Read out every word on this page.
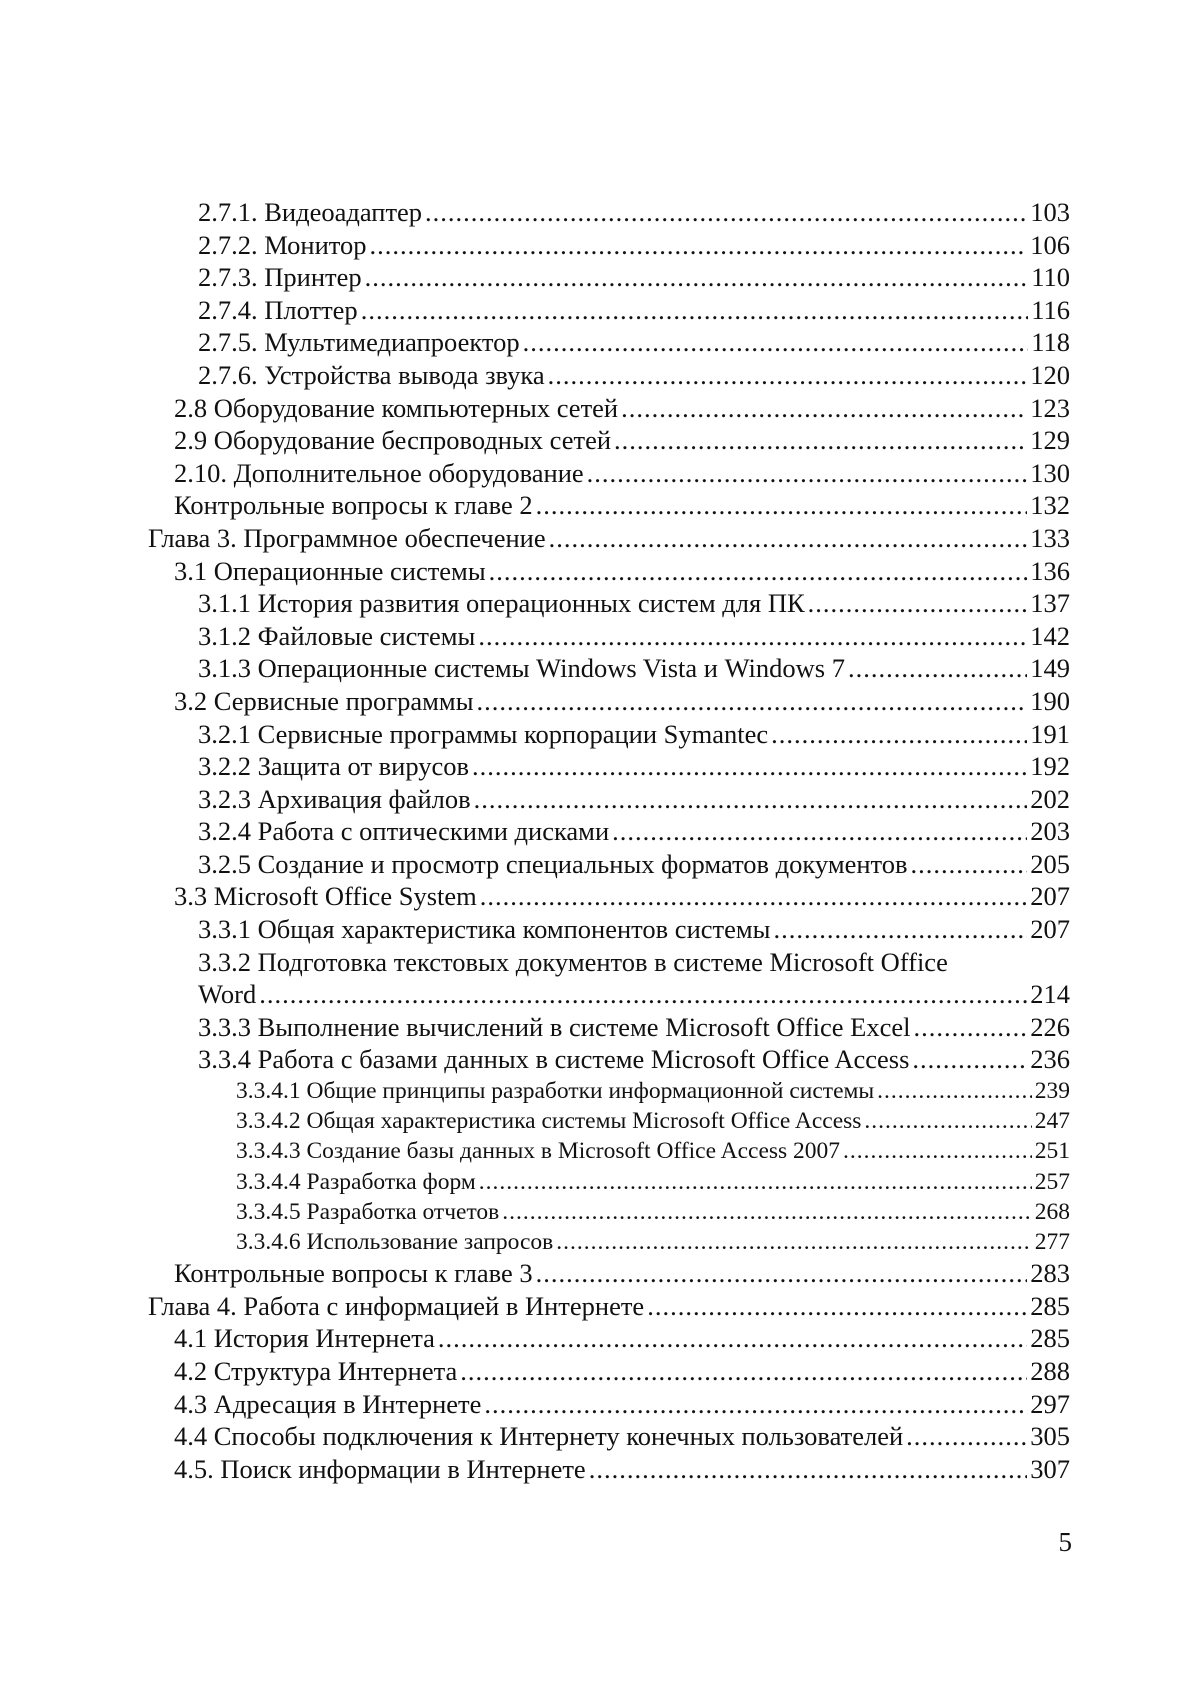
2.7.1. Видеоадаптер
.....	103
2.7.2. Монитор
.....	106
2.7.3. Принтер
.....	110
2.7.4. Плоттер
.....	116
2.7.5. Мультимедиапроектор
.....	118
2.7.6. Устройства вывода звука
.....	120
2.8 Оборудование компьютерных сетей
.....	123
2.9 Оборудование беспроводных сетей
.....	129
2.10. Дополнительное оборудование
.....	130
Контрольные вопросы к главе 2
.....	132
Глава 3. Программное обеспечение
.....	133
3.1 Операционные системы
.....	136
3.1.1 История развития операционных систем для ПК
.....	137
3.1.2 Файловые системы
.....	142
3.1.3 Операционные системы Windows Vista и Windows 7
.....	149
3.2 Сервисные программы
.....	190
3.2.1 Сервисные программы корпорации Symantec
.....	191
3.2.2 Защита от вирусов
.....	192
3.2.3 Архивация файлов
.....	202
3.2.4 Работа с оптическими дисками
.....	203
3.2.5 Создание и просмотр специальных форматов документов
.....	205
3.3 Microsoft Office System
.....	207
3.3.1 Общая характеристика компонентов системы
.....	207
3.3.2 Подготовка текстовых документов в системе Microsoft Office
Word
.....	214
3.3.3 Выполнение вычислений в системе Microsoft Office Excel
.....	226
3.3.4 Работа с базами данных в системе Microsoft Office Access
.....	236
3.3.4.1 Общие принципы разработки информационной системы
.....	239
3.3.4.2 Общая характеристика системы Microsoft Office Access
.....	247
3.3.4.3 Создание базы данных в Microsoft Office Access 2007
.....	251
3.3.4.4 Разработка форм
.....	257
3.3.4.5 Разработка отчетов
.....	268
3.3.4.6 Использование запросов
.....	277
Контрольные вопросы к главе 3
.....	283
Глава 4. Работа с информацией в Интернете
.....	285
4.1 История Интернета
.....	285
4.2 Структура Интернета
.....	288
4.3 Адресация в Интернете
.....	297
4.4 Способы подключения к Интернету конечных пользователей
.....	305
4.5. Поиск информации в Интернете
.....	307
5
